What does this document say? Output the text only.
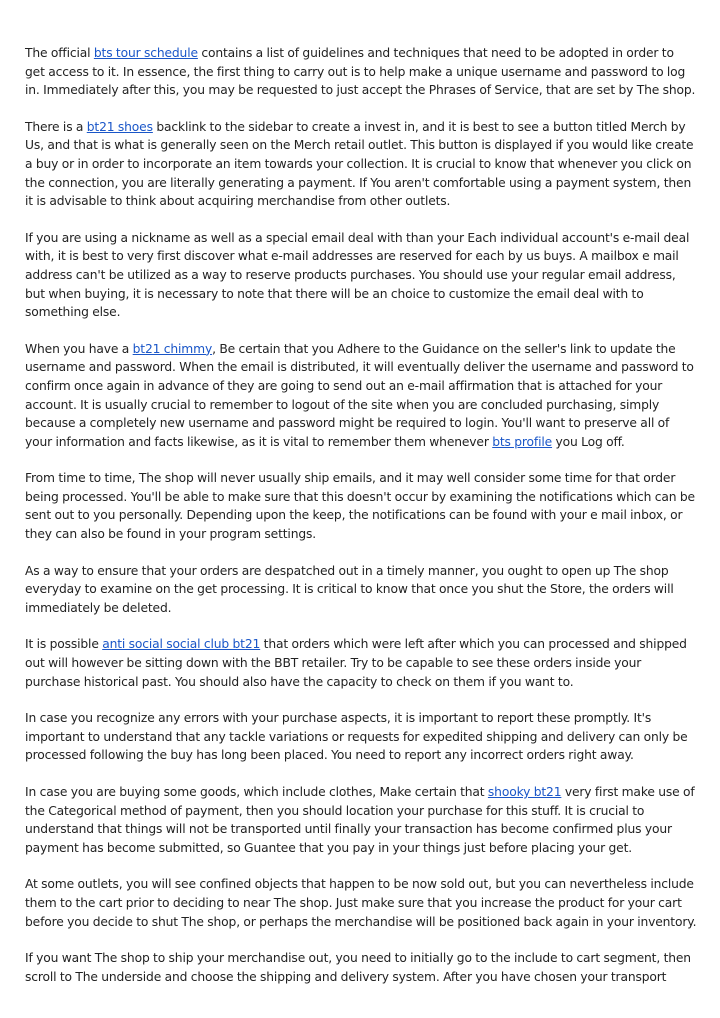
The official bts tour schedule contains a list of guidelines and techniques that need to be adopted in order to get access to it. In essence, the first thing to carry out is to help make a unique username and password to log in. Immediately after this, you may be requested to just accept the Phrases of Service, that are set by The shop.

There is a bt21 shoes backlink to the sidebar to create a invest in, and it is best to see a button titled Merch by Us, and that is what is generally seen on the Merch retail outlet. This button is displayed if you would like create a buy or in order to incorporate an item towards your collection. It is crucial to know that whenever you click on the connection, you are literally generating a payment. If You aren't comfortable using a payment system, then it is advisable to think about acquiring merchandise from other outlets.

If you are using a nickname as well as a special email deal with than your Each individual account's e-mail deal with, it is best to very first discover what e-mail addresses are reserved for each by us buys. A mailbox e mail address can't be utilized as a way to reserve products purchases. You should use your regular email address, but when buying, it is necessary to note that there will be an choice to customize the email deal with to something else.

When you have a bt21 chimmy, Be certain that you Adhere to the Guidance on the seller's link to update the username and password. When the email is distributed, it will eventually deliver the username and password to confirm once again in advance of they are going to send out an e-mail affirmation that is attached for your account. It is usually crucial to remember to logout of the site when you are concluded purchasing, simply because a completely new username and password might be required to login. You'll want to preserve all of your information and facts likewise, as it is vital to remember them whenever bts profile you Log off.

From time to time, The shop will never usually ship emails, and it may well consider some time for that order being processed. You'll be able to make sure that this doesn't occur by examining the notifications which can be sent out to you personally. Depending upon the keep, the notifications can be found with your e mail inbox, or they can also be found in your program settings.

As a way to ensure that your orders are despatched out in a timely manner, you ought to open up The shop everyday to examine on the get processing. It is critical to know that once you shut the Store, the orders will immediately be deleted.

It is possible anti social social club bt21 that orders which were left after which you can processed and shipped out will however be sitting down with the BBT retailer. Try to be capable to see these orders inside your purchase historical past. You should also have the capacity to check on them if you want to.

In case you recognize any errors with your purchase aspects, it is important to report these promptly. It's important to understand that any tackle variations or requests for expedited shipping and delivery can only be processed following the buy has long been placed. You need to report any incorrect orders right away.

In case you are buying some goods, which include clothes, Make certain that shooky bt21 very first make use of the Categorical method of payment, then you should location your purchase for this stuff. It is crucial to understand that things will not be transported until finally your transaction has become confirmed plus your payment has become submitted, so Guantee that you pay in your things just before placing your get.

At some outlets, you will see confined objects that happen to be now sold out, but you can nevertheless include them to the cart prior to deciding to near The shop. Just make sure that you increase the product for your cart before you decide to shut The shop, or perhaps the merchandise will be positioned back again in your inventory.

If you want The shop to ship your merchandise out, you need to initially go to the include to cart segment, then scroll to The underside and choose the shipping and delivery system. After you have chosen your transport
